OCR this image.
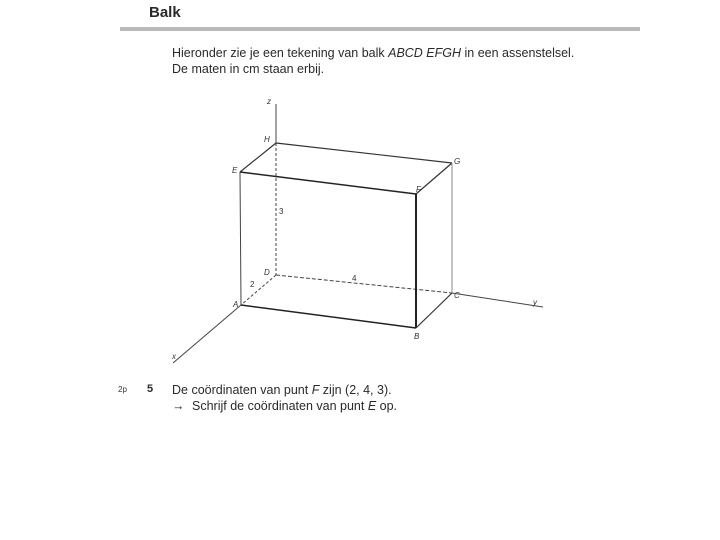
Balk
Hieronder zie je een tekening van balk ABCD EFGH in een assenstelsel.
De maten in cm staan erbij.
A
B
C
D
E
F
G
H
z
y
x
3
4
2
2p 5 De coördinaten van punt F zijn (2, 4, 3).
→ Schrijf de coördinaten van punt E op.
